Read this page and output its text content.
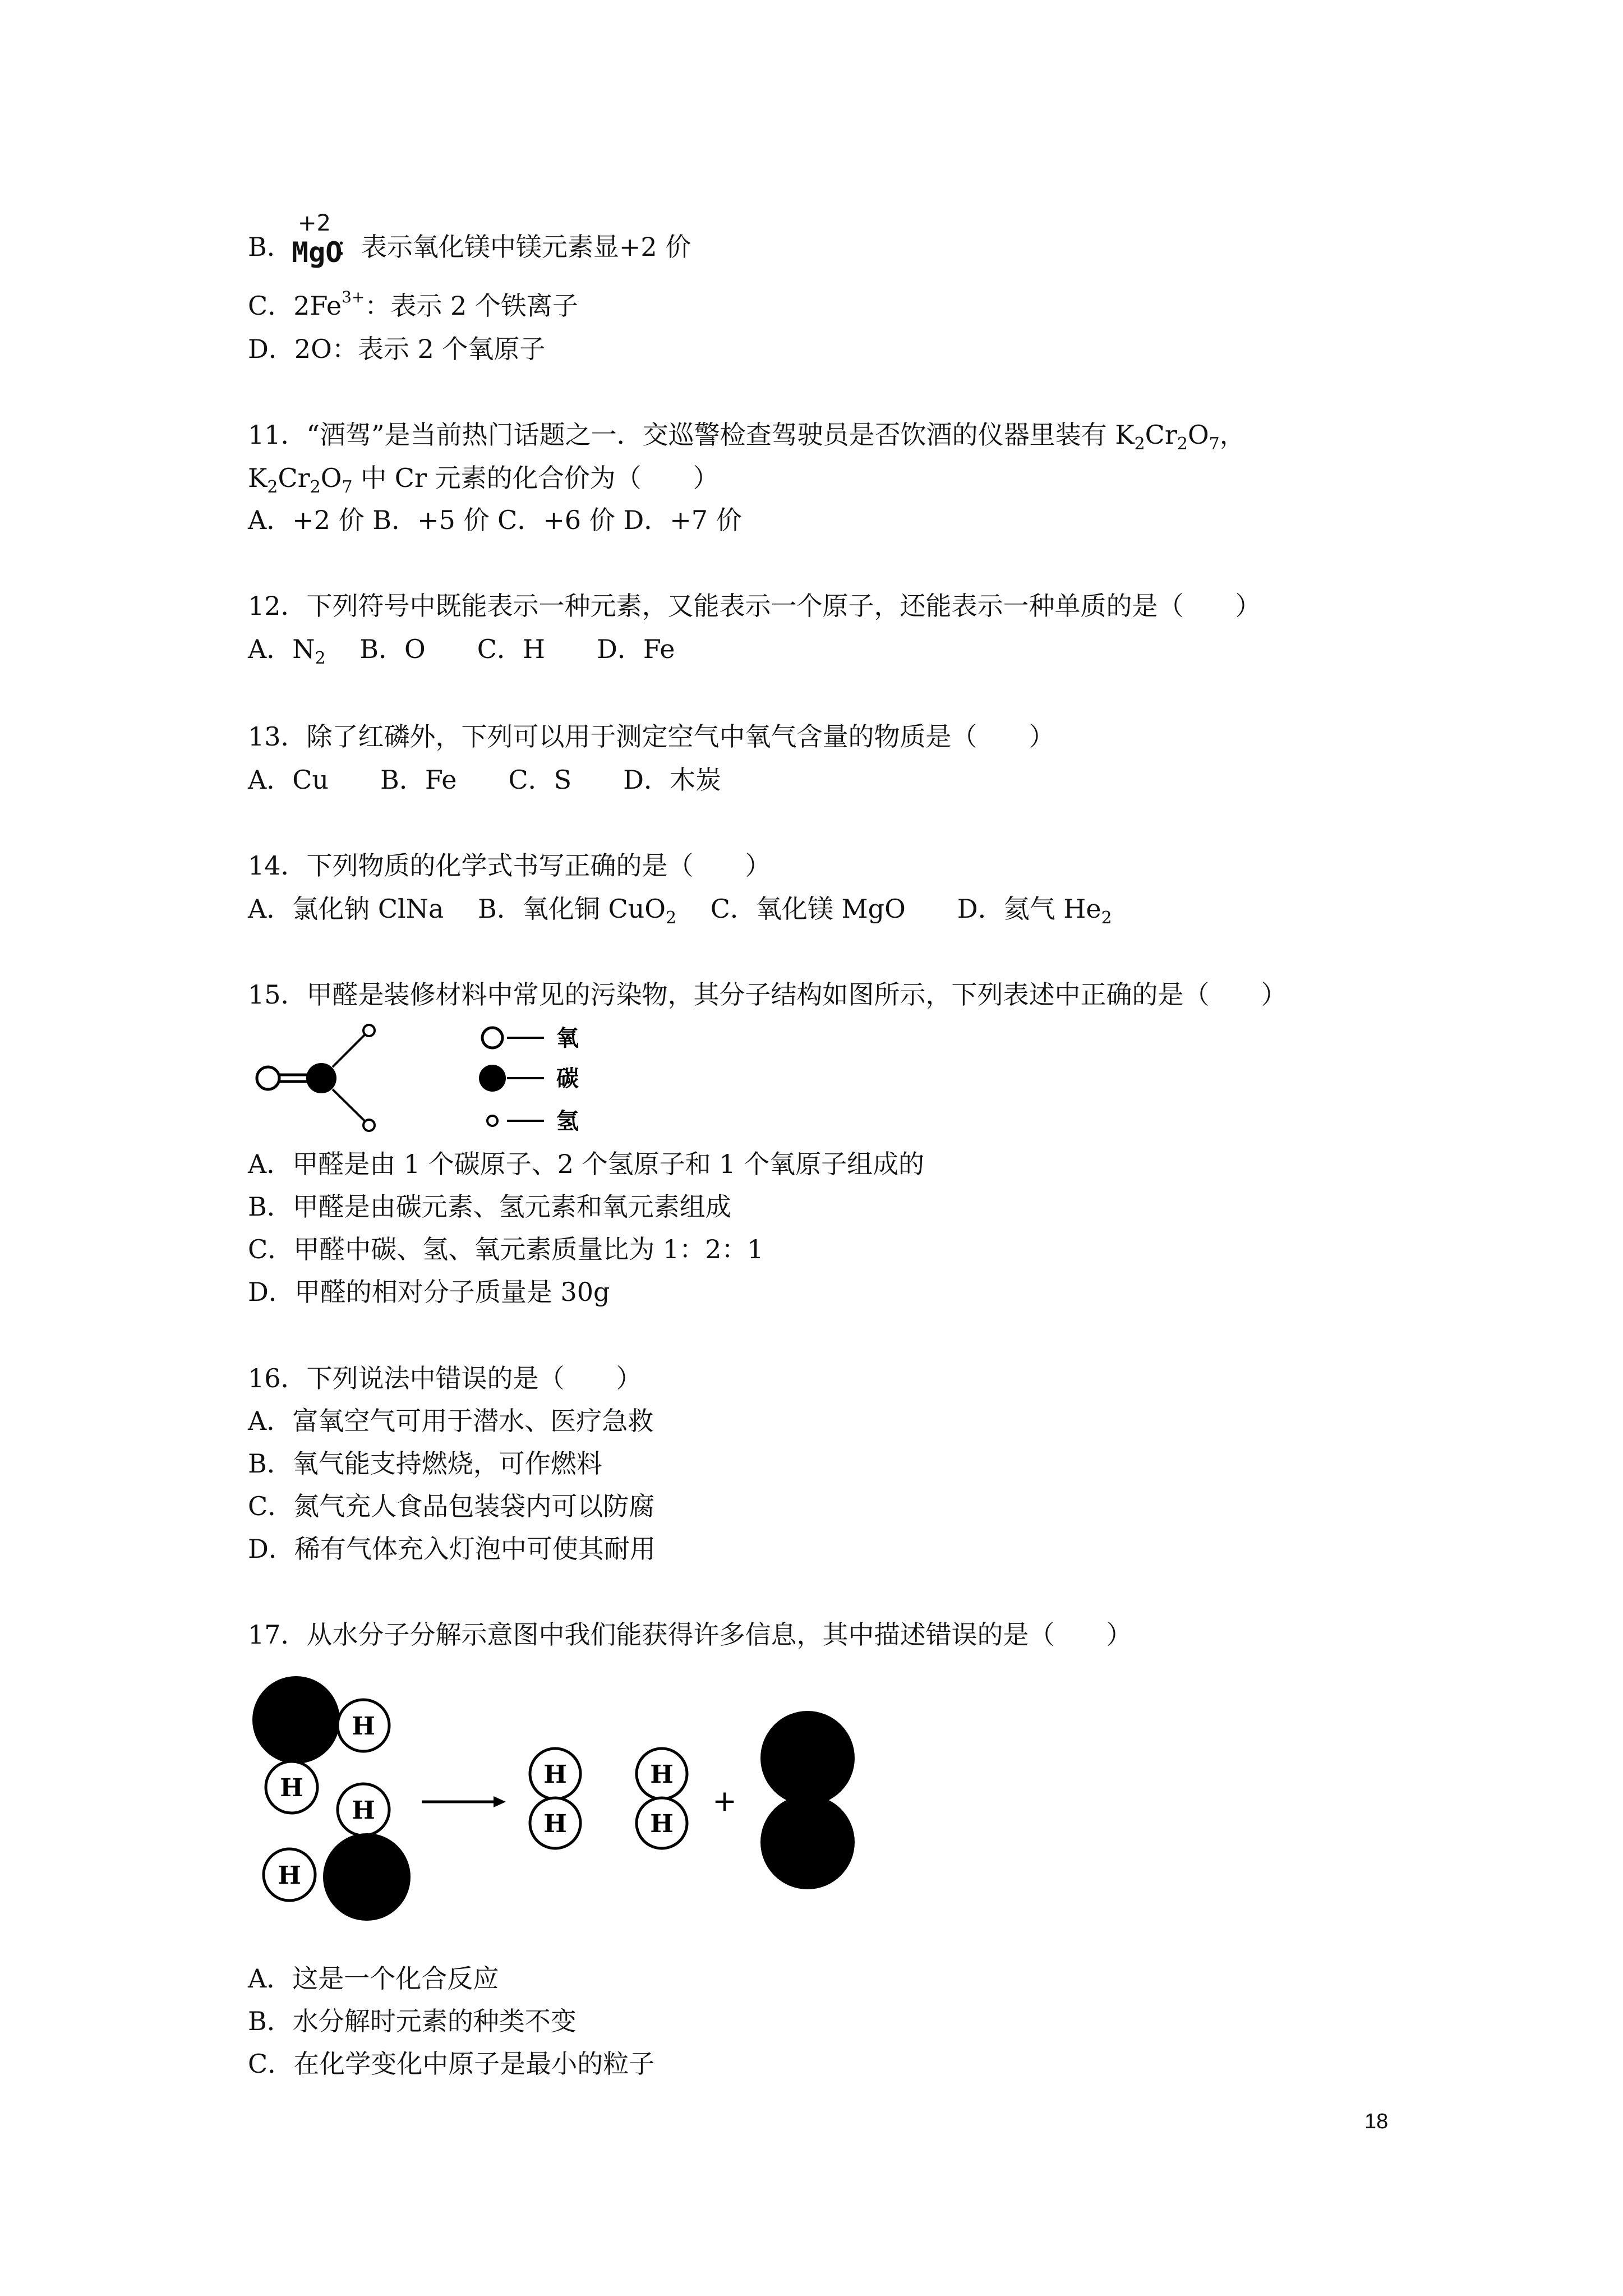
+2
B． ：表示氧化镁中镁元素显+2 价
MgO
C．$2Fe^{3+}$：表示 2 个铁离子
D．2O：表示 2 个氧原子
11．“酒驾”是当前热门话题之一．交巡警检查驾驶员是否饮酒的仪器里装有 $K_2Cr_2O_7$，
$K_2Cr_2O_7$ 中 Cr 元素的化合价为（　　）
A．+2 价 B．+5 价 C．+6 价 D．+7 价
12．下列符号中既能表示一种元素，又能表示一个原子，还能表示一种单质的是（　　）
A．$N_2$　 B．O　　C．H　　D．Fe
13．除了红磷外，下列可以用于测定空气中氧气含量的物质是（　　）
A．Cu　　B．Fe　　C．S　　D．木炭
14．下列物质的化学式书写正确的是（　　）
A．氯化钠 ClNa　 B．氧化铜 CuO$_2$　 C．氧化镁 MgO　　D．氦气 $He_2$
15．甲醛是装修材料中常见的污染物，其分子结构如图所示，下列表述中正确的是（　　）
氧
碳
氢
A．甲醛是由 1 个碳原子、2 个氢原子和 1 个氧原子组成的
B．甲醛是由碳元素、氢元素和氧元素组成
C．甲醛中碳、氢、氧元素质量比为 1：2：1
D．甲醛的相对分子质量是 30g
16．下列说法中错误的是（　　）
A．富氧空气可用于潜水、医疗急救
B．氧气能支持燃烧，可作燃料
C．氮气充人食品包装袋内可以防腐
D．稀有气体充入灯泡中可使其耐用
17．从水分子分解示意图中我们能获得许多信息，其中描述错误的是（　　）
H
H
H
H
H
H
H
H
+
A．这是一个化合反应
B．水分解时元素的种类不变
C．在化学变化中原子是最小的粒子
18
